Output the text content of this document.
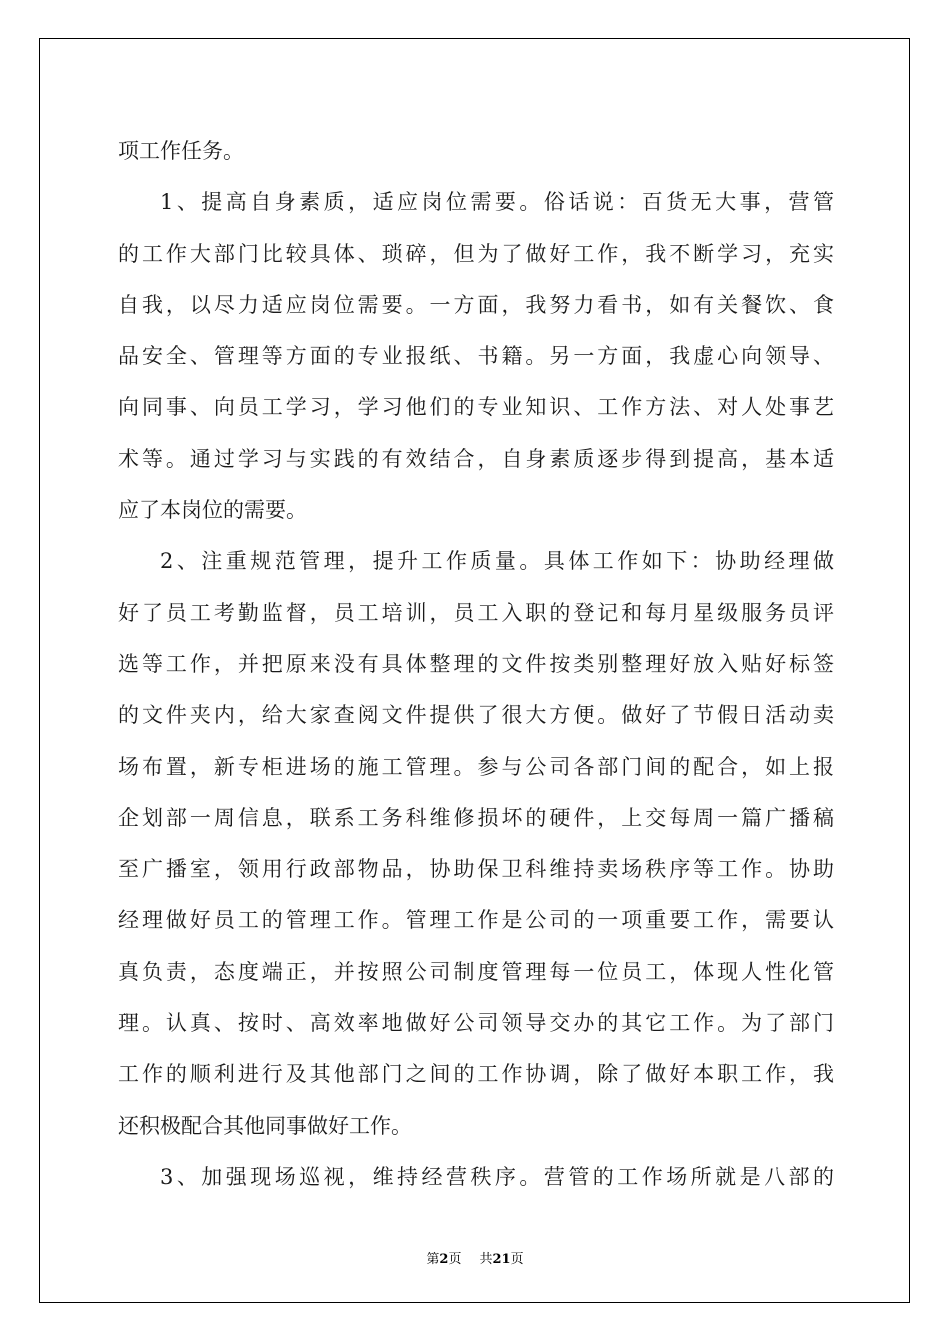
项工作任务。
1、提高自身素质，适应岗位需要。俗话说：百货无大事，营管
的工作大部门比较具体、琐碎，但为了做好工作，我不断学习，充实
自我，以尽力适应岗位需要。一方面，我努力看书，如有关餐饮、食
品安全、管理等方面的专业报纸、书籍。另一方面，我虚心向领导、
向同事、向员工学习，学习他们的专业知识、工作方法、对人处事艺
术等。通过学习与实践的有效结合，自身素质逐步得到提高，基本适
应了本岗位的需要。
2、注重规范管理，提升工作质量。具体工作如下：协助经理做
好了员工考勤监督，员工培训，员工入职的登记和每月星级服务员评
选等工作，并把原来没有具体整理的文件按类别整理好放入贴好标签
的文件夹内，给大家查阅文件提供了很大方便。做好了节假日活动卖
场布置，新专柜进场的施工管理。参与公司各部门间的配合，如上报
企划部一周信息，联系工务科维修损坏的硬件，上交每周一篇广播稿
至广播室，领用行政部物品，协助保卫科维持卖场秩序等工作。协助
经理做好员工的管理工作。管理工作是公司的一项重要工作，需要认
真负责，态度端正，并按照公司制度管理每一位员工，体现人性化管
理。认真、按时、高效率地做好公司领导交办的其它工作。为了部门
工作的顺利进行及其他部门之间的工作协调，除了做好本职工作，我
还积极配合其他同事做好工作。
3、加强现场巡视，维持经营秩序。营管的工作场所就是八部的
第2页 共21页
